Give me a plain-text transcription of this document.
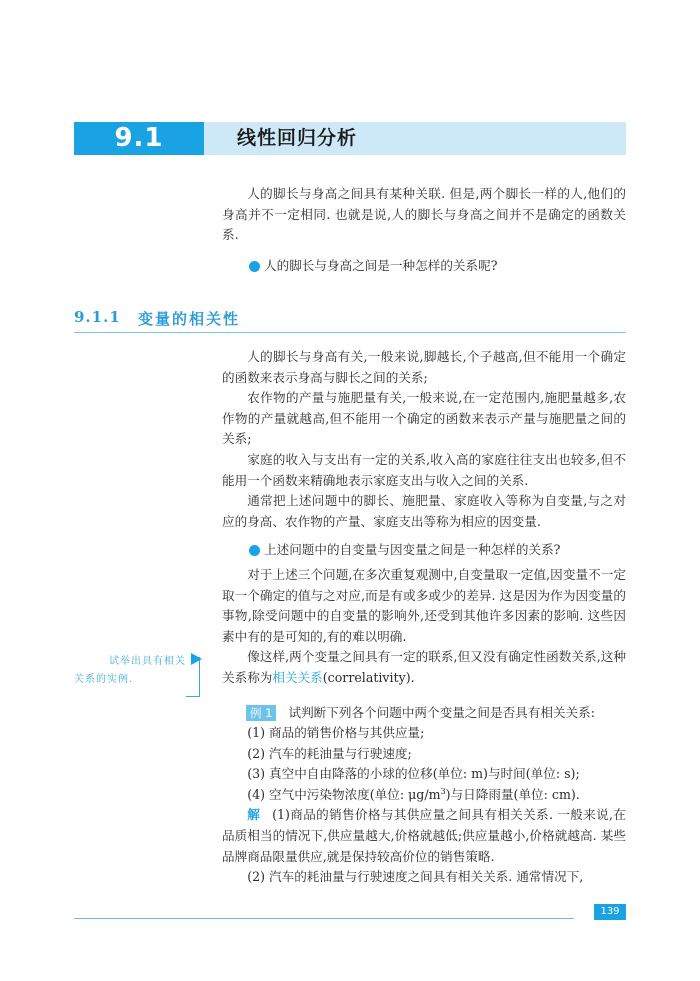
9.1	线性回归分析

人的脚长与身高之间具有某种关联. 但是,两个脚长一样的人,他们的身高并不一定相同. 也就是说,人的脚长与身高之间并不是确定的函数关系.

人的脚长与身高之间是一种怎样的关系呢?

9.1.1 变量的相关性

人的脚长与身高有关,一般来说,脚越长,个子越高,但不能用一个确定的函数来表示身高与脚长之间的关系;

农作物的产量与施肥量有关,一般来说,在一定范围内,施肥量越多,农作物的产量就越高,但不能用一个确定的函数来表示产量与施肥量之间的关系;

家庭的收入与支出有一定的关系,收入高的家庭往往支出也较多,但不能用一个函数来精确地表示家庭支出与收入之间的关系.

通常把上述问题中的脚长、施肥量、家庭收入等称为自变量,与之对应的身高、农作物的产量、家庭支出等称为相应的因变量.

上述问题中的自变量与因变量之间是一种怎样的关系?

对于上述三个问题,在多次重复观测中,自变量取一定值,因变量不一定取一个确定的值与之对应,而是有或多或少的差异. 这是因为作为因变量的事物,除受问题中的自变量的影响外,还受到其他许多因素的影响. 这些因素中有的是可知的,有的难以明确.

像这样,两个变量之间具有一定的联系,但又没有确定性函数关系,这种关系称为相关关系(correlativity).

例 1 试判断下列各个问题中两个变量之间是否具有相关关系:

(1) 商品的销售价格与其供应量;

(2) 汽车的耗油量与行驶速度;

(3) 真空中自由降落的小球的位移(单位: m)与时间(单位: s);

(4) 空气中污染物浓度(单位: $\mu g/m^3$)与日降雨量(单位: cm).

解 (1)商品的销售价格与其供应量之间具有相关关系. 一般来说,在品质相当的情况下,供应量越大,价格就越低;供应量越小,价格就越高. 某些品牌商品限量供应,就是保持较高价位的销售策略.

(2) 汽车的耗油量与行驶速度之间具有相关关系. 通常情况下,

试举出具有相关
关系的实例.
139
